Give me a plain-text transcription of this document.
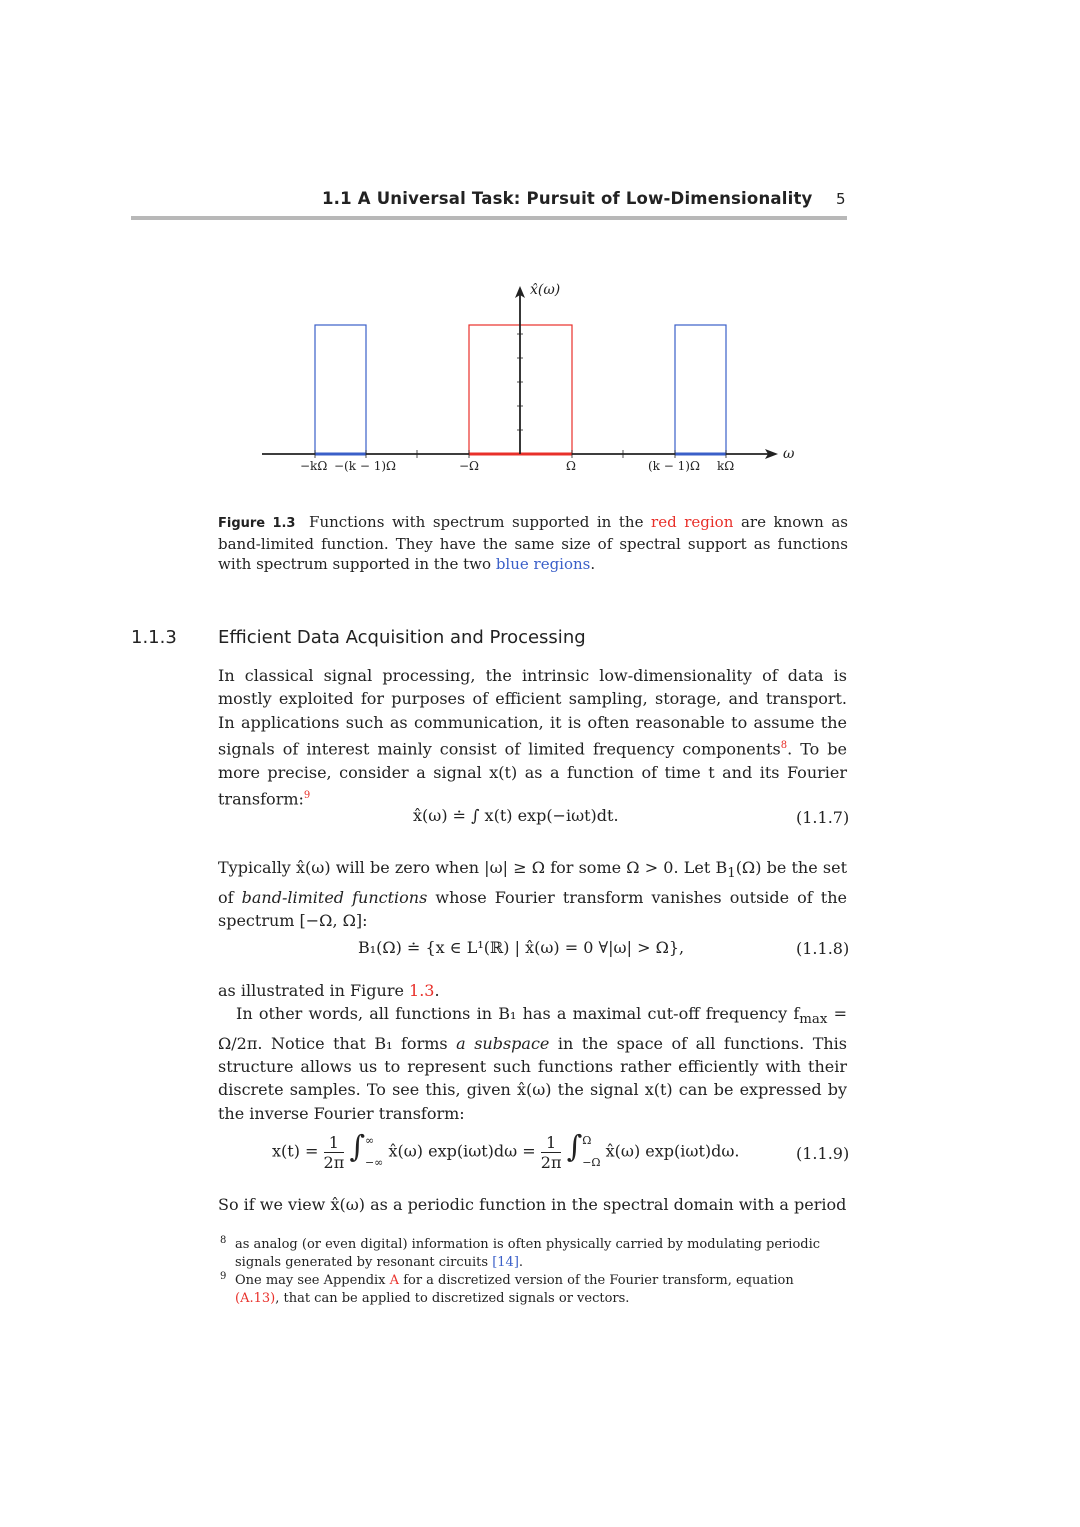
1.1 A Universal Task: Pursuit of Low-Dimensionality 5
x̂(ω)
ω
−kΩ −(k − 1)Ω	−Ω	Ω	(k − 1)Ω kΩ
Figure 1.3 Functions with spectrum supported in the red region are known as band-limited function. They have the same size of spectral support as functions with spectrum supported in the two blue regions.
1.1.3 Efficient Data Acquisition and Processing
In classical signal processing, the intrinsic low-dimensionality of data is mostly exploited for purposes of efficient sampling, storage, and transport. In applications such as communication, it is often reasonable to assume the signals of interest mainly consist of limited frequency components$^8$. To be more precise, consider a signal x(t) as a function of time t and its Fourier transform:$^9$
x̂(ω) ≐ ∫ x(t) exp(−iωt)dt.	(1.1.7)
Typically x̂(ω) will be zero when |ω| ≥ Ω for some Ω > 0. Let $B_1(\Omega)$ be the set of band-limited functions whose Fourier transform vanishes outside of the spectrum [−Ω, Ω]:
B₁(Ω) ≐ {x ∈ L¹(ℝ) | x̂(ω) = 0 ∀|ω| > Ω},	(1.1.8)
as illustrated in Figure 1.3.
In other words, all functions in B₁ has a maximal cut-off frequency $f_{max} = \Omega/2\pi$. Notice that B₁ forms a subspace in the space of all functions. This structure allows us to represent such functions rather efficiently with their discrete samples. To see this, given x̂(ω) the signal x(t) can be expressed by the inverse Fourier transform:
$x(t) = \frac{1}{2\pi}$ ∫ ∞
−∞
x̂(ω) $\exp(i\omega t)d\omega = \frac{1}{2\pi}$ ∫ Ω
−Ω
x̂(ω) exp(iωt)dω.	(1.1.9)
So if we view x̂(ω) as a periodic function in the spectral domain with a period
8 as analog (or even digital) information is often physically carried by modulating periodic signals generated by resonant circuits [14].
9 One may see Appendix A for a discretized version of the Fourier transform, equation (A.13), that can be applied to discretized signals or vectors.
